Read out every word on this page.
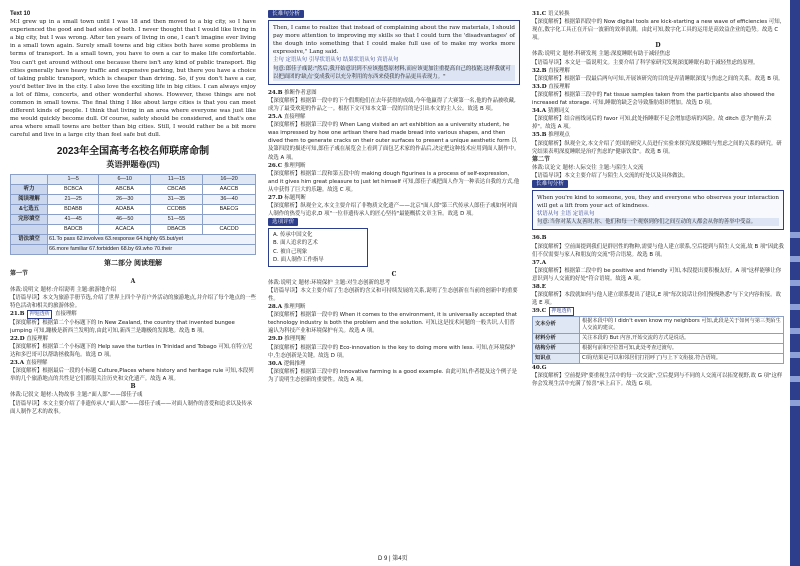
Text 10
M:I grew up in a small town until I was 18 and then moved to a big city, so I have experienced the good and bad sides of both. I never thought that I would like living in a big city, but I was wrong. After ten years of living in one, I can't imagine ever living in a small town again. Surely small towns and big cities both have some problems in terms of transport. In a small town, you have to own a car to make life comfortable. You can't get around without one because there isn't any kind of public transport. Big cities generally have heavy traffic and expensive parking, but there you have a choice of taking public transport, which is cheaper than driving. So, if you don't have a car, you'd better live in the city. I also love the exciting life in big cities. I can always enjoy a lot of films, concerts, and other wonderful shows. However, these things are not common in small towns. The final thing I like about large cities is that you can meet different kinds of people. I think that living in an area where everyone was just like me would quickly become dull. Of course, safety should be considered, and that's one area where small towns are better than big cities. Still, I would rather be a bit more careful and live in a large city than feel safe but dull.
2023年全国高考名校名师联席命制
英语押题卷(四)
	1—5	6—10	11—15	16—20
听力	BCBCA	ABCBA	CBCAB	AACCB
阅读理解	21—25	26—30	31—35	36—40
&七选五	BDABB	ADABA	CCDBB	BAECG
完形填空	41—45	46—50	51—55	
	BADCB	ACACA	DBACB	CACDD
语法填空	61.To pass 62.involves 63.response 64.highly 65.but/yet			
	66.more familiar 67.forbidden 68.by 69.who 70.their			
第二部分 阅读理解
第一节
A
体裁:说明文 题材:介绍说明 主题:旅游地介绍
【语篇导读】本文为旅游手册节选,介绍了世界上四个孕育户外活动的旅游地点,并介绍了每个地点的一些特色活动和相关的旅游体验。
21.B 押题透析 直接理解
【深度解析】根据第二个小标题下的 In New Zealand, the country that invented bungee jumping 可知,蹦极是新西兰发明的,由此可知,新西兰是蹦极的发源地。故选 B 项。
22.D 直接理解
【深度解析】根据第二个小标题下的 Help save the turtles in Trinidad and Tobago 可知,在特立尼达和多巴哥可以帮助拯救海龟。故选 D 项。
23.A 直接理解
【深度解析】根据最后一段的小标题 Culture,Places where history and heritage rule 可知,本段列举的几个旅游地点的共性是它们都很关注历史和文化遗产。故选 A 项。
B
体裁:记叙文 题材:人物故事 主题:"面人郎"——郎佳子彧
【语篇导读】本文主要介绍了非遗传承人"面人郎"——郎佳子彧——对面人制作的喜爱和追求以及传承面人制作艺术的故事。
长难句分析
Then, I came to realize that instead of complaining about the raw materials, I should pay more attention to improving my skills so that I could turn the 'disadvantages' of the dough into something that I could make full use of to make my works more expressive," Lang said.
主句 定语从句 引导状语从句 结果状语从句 宾语从句
句意:郎佳子彧说:"然后,我开始意识到不应该抱怨原材料,而应该更加注重提高自己的技能,这样我就可以把面团的'缺点'变成我可以充分利用的东西来使我的作品更具表现力。"
24.B 推断作者意图
【深度解析】根据第一段中的下个假期他们在去年获得的成绩,今年他赢得了大赛第一名,他的作品被收藏,成为了最受欢迎的作品之一。根据下文可知本文第一段的目的是引出本文的主人公。故选 B 项。
25.A 直接理解
【深度解析】根据第三段中的 When Lang visited an art exhibition as a university student, he was impressed by how one artisan there had made bread into various shapes, and then dived them to generate cracks on their outer surfaces to present a unique aesthetic form 以及第四段的描述可知,郎佳子彧在展览会上看到了面包艺术家的作品后,决定把这种技术应用到面人制作中。故选 A 项。
26.C 推理判断
【深度解析】根据第二段和第五段中的 making dough figurines is a process of self-expression, and it gives him great pleasure to just let himself 可知,郎佳子彧把面人作为一种表达自我的方式,他从中获得了巨大的乐趣。故选 C 项。
27.D 标题判断
【深度解析】纵观全文,本文主要介绍了非物质文化遗产——北京"面人郎"第三代传承人郎佳子彧如何对面人制作的热爱与追求,D 项"一位非遗传承人的匠心坚持"最能概括文章主旨。故选 D 项。
选项评价
A. 传承中国文化
B. 面人追求的艺术
C. 被自己现象
D. 面人制作工作指导
C
体裁:说明文 题材:环境保护 主题:对生态创新的思考
【语篇导读】本文主要介绍了生态创新的含义和可持续发展的关系,说明了生态创新在当前的创新中的重要性。
28.A 推理判断
【深度解析】根据第一段中的 When it comes to the environment, it is universally accepted that technology industry is both the problem and the solution. 可知,这是技术问题的一般共识,人们普遍认为科技产业和环境保护有关。故选 A 项。
29.D 推理判断
【深度解析】根据第三段中的 Eco-innovation is the key to doing more with less. 可知,在环境保护中,生态创新是关键。故选 D 项。
30.A 逻辑推理
【深度解析】根据第三段中的 Innovative farming is a good example. 由此可知,作者提及这个例子是为了说明生态创新的重要性。故选 A 项。
31.C 语义转换
【深度解析】根据第四段中的 Now digital tools are kick-starting a new wave of efficiencies 可知,现在,数字化工具正在开启一波新的效率浪潮。由此可知,数字化工具的运用是高效益企业的趋势。故选 C 项。
D
体裁:说明文 题材:科研发现 主题:深度睡眠有助于减轻焦虑
【语篇导读】本文是一篇说明文。主要介绍了科学家研究发现深度睡眠有助于减轻焦虑的原理。
32.B 直接理解
【深度解析】根据第一段最后两句可知,开展该研究的目的是弄清睡眠深度与焦虑之间的关系。故选 B 项。
33.D 直接理解
【深度解析】根据第三段中的 Fat tissue samples taken from the participants also showed the increased fat storage. 可知,睡眠的缺乏会导致脂肪组织增加。故选 D 项。
34.A 猜测词义
【深度解析】结合画线词后的 favor 可知,此处指睡眠不足会增加患病的风险。故 ditch 意为"抛弃;丢掉"。故选 A 项。
35.B 推理观点
【深度解析】纵观全文,本文介绍了美国的研究人员进行实验来探究深度睡眠与焦虑之间的关系的研究。研究结果表明深度睡眠是治疗焦虑的"健康饮食"。故选 B 项。
第二节
体裁:议论文 题材:人际交往 主题:与陌生人交流
【语篇导读】本文主要介绍了与陌生人交流的好处以及具体做法。
长难句分析
When you're kind to someone, you, they and everyone who observes your interaction will get a lift from your act of kindness.
状语从句 主语 定语从句
句意:当你对某人友善时,你、他们和每一个观察到你们之间互动的人都会从你的善举中受益。
36.B
【深度解析】空前面提到我们是群居性的物种,需要与他人建立联系,空后提到与陌生人交流,故 B 项"因此我们不仅需要与家人和朋友的交流"符合语境。故选 B 项。
37.A
【深度解析】根据第二段中的 be positive and friendly 可知,本段提出要积极友好。A 项"这样能够让你意识到与人交流的好处"符合语境。故选 A 项。
38.E
【深度解析】本段就如何与他人建立联系提出了建议,E 项"每次说话让你们慢慢熟悉"与下文内容衔接。故选 E 项。
39.C 押题透析
文本分析	根据本段中的 I didn't even know my neighbors 可知,此段是关于如何与第三类陌生人交流的建议。
材料分析	关注本段的 But 内容,开始交流的方式是说话。
结构分析	根据句前和空位置可知,此处考查过渡句。
知识点	C项(结果是可以和邻居们打招呼了)与上下文衔接,符合语境。
40.G
【深度解析】空前提到"要重视生活中的每一次交流",空后提到与不同的人交流可以拓宽视野,故 G 项"这样你会发现生活中充满了惊喜"承上启下。故选 G 项。
D 9 | 第4页
